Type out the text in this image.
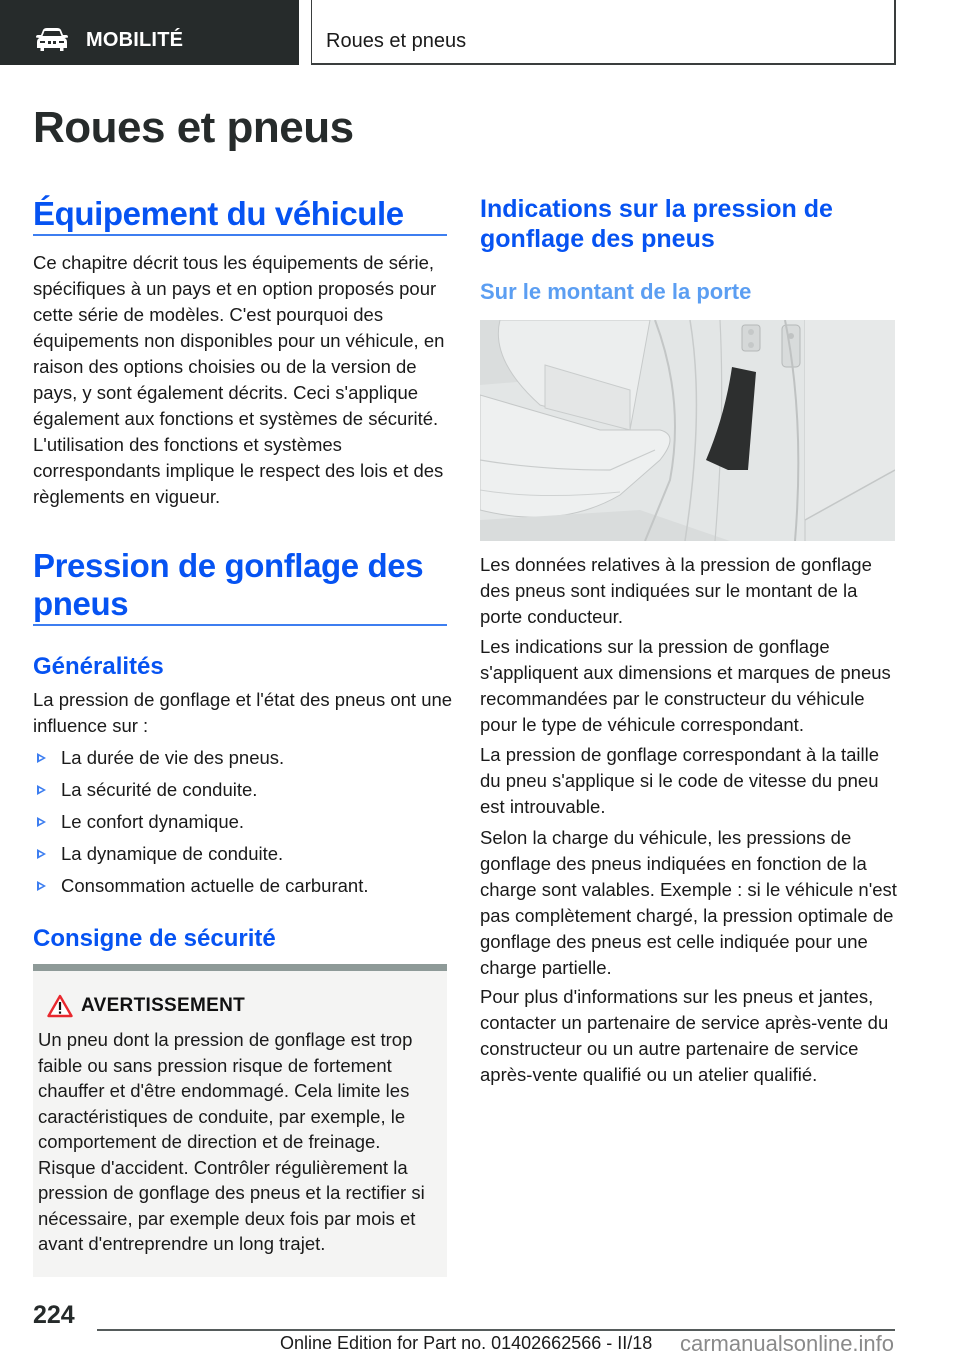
MOBILITÉ	Roues et pneus
Roues et pneus
Équipement du véhicule

Ce chapitre décrit tous les équipements de série, spécifiques à un pays et en option proposés pour cette série de modèles. C'est pourquoi des équipements non disponibles pour un véhicule, en raison des options choisies ou de la version de pays, y sont également décrits. Ceci s'applique également aux fonctions et systèmes de sécurité. L'utilisation des fonctions et systèmes correspondants implique le respect des lois et des règlements en vigueur.

Pression de gonflage des pneus
Généralités

La pression de gonflage et l'état des pneus ont une influence sur :

La durée de vie des pneus.
La sécurité de conduite.
Le confort dynamique.
La dynamique de conduite.
Consommation actuelle de carburant.
Consigne de sécurité
AVERTISSEMENT

Un pneu dont la pression de gonflage est trop faible ou sans pression risque de fortement chauffer et d'être endommagé. Cela limite les caractéristiques de conduite, par exemple, le comportement de direction et de freinage. Risque d'accident. Contrôler régulièrement la pression de gonflage des pneus et la rectifier si nécessaire, par exemple deux fois par mois et avant d'entreprendre un long trajet.

Indications sur la pression de gonflage des pneus
Sur le montant de la porte

Les données relatives à la pression de gonflage des pneus sont indiquées sur le montant de la porte conducteur.

Les indications sur la pression de gonflage s'appliquent aux dimensions et marques de pneus recommandées par le constructeur du véhicule pour le type de véhicule correspondant.

La pression de gonflage correspondant à la taille du pneu s'applique si le code de vitesse du pneu est introuvable.

Selon la charge du véhicule, les pressions de gonflage des pneus indiquées en fonction de la charge sont valables. Exemple : si le véhicule n'est pas complètement chargé, la pression optimale de gonflage des pneus est celle indiquée pour une charge partielle.

Pour plus d'informations sur les pneus et jantes, contacter un partenaire de service après-vente du constructeur ou un autre partenaire de service après-vente qualifié ou un atelier qualifié.

224
Online Edition for Part no. 01402662566 - II/18 carmanualsonline.info
